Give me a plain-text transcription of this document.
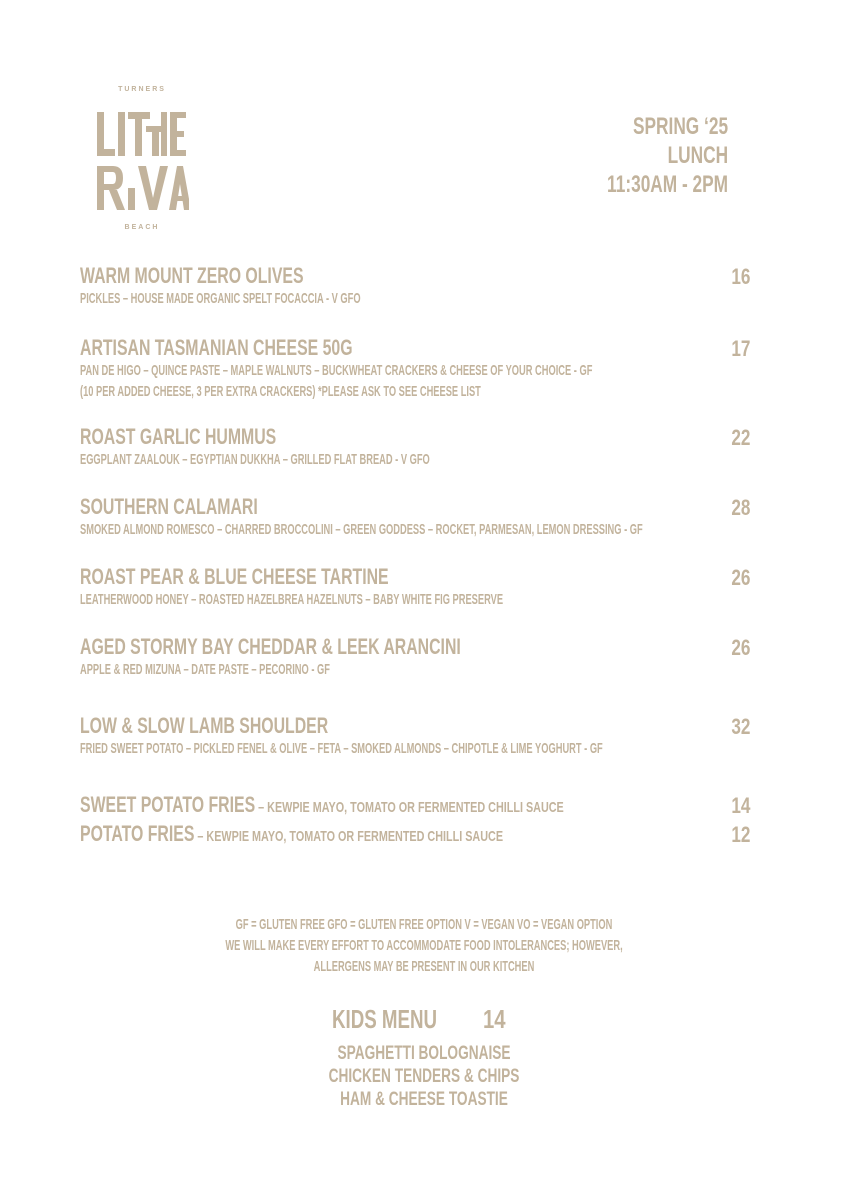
TURNERS
BEACH
SPRING ‘25
LUNCH
11:30AM - 2PM
WARM MOUNT ZERO OLIVES
PICKLES – HOUSE MADE ORGANIC SPELT FOCACCIA - V GFO
16
ARTISAN TASMANIAN CHEESE 50G
PAN DE HIGO – QUINCE PASTE – MAPLE WALNUTS – BUCKWHEAT CRACKERS & CHEESE OF YOUR CHOICE - GF
(10 PER ADDED CHEESE, 3 PER EXTRA CRACKERS) *PLEASE ASK TO SEE CHEESE LIST
17
ROAST GARLIC HUMMUS
EGGPLANT ZAALOUK – EGYPTIAN DUKKHA – GRILLED FLAT BREAD - V GFO
22
SOUTHERN CALAMARI
SMOKED ALMOND ROMESCO – CHARRED BROCCOLINI – GREEN GODDESS – ROCKET, PARMESAN, LEMON DRESSING - GF
28
ROAST PEAR & BLUE CHEESE TARTINE
LEATHERWOOD HONEY – ROASTED HAZELBREA HAZELNUTS – BABY WHITE FIG PRESERVE
26
AGED STORMY BAY CHEDDAR & LEEK ARANCINI
APPLE & RED MIZUNA – DATE PASTE – PECORINO - GF
26
LOW & SLOW LAMB SHOULDER
FRIED SWEET POTATO – PICKLED FENEL & OLIVE – FETA – SMOKED ALMONDS – CHIPOTLE & LIME YOGHURT - GF
32
SWEET POTATO FRIES – KEWPIE MAYO, TOMATO OR FERMENTED CHILLI SAUCE	14
POTATO FRIES – KEWPIE MAYO, TOMATO OR FERMENTED CHILLI SAUCE	12
GF = GLUTEN FREE GFO = GLUTEN FREE OPTION V = VEGAN VO = VEGAN OPTION
WE WILL MAKE EVERY EFFORT TO ACCOMMODATE FOOD INTOLERANCES; HOWEVER,
ALLERGENS MAY BE PRESENT IN OUR KITCHEN
KIDS MENU 14
SPAGHETTI BOLOGNAISE
CHICKEN TENDERS & CHIPS
HAM & CHEESE TOASTIE
